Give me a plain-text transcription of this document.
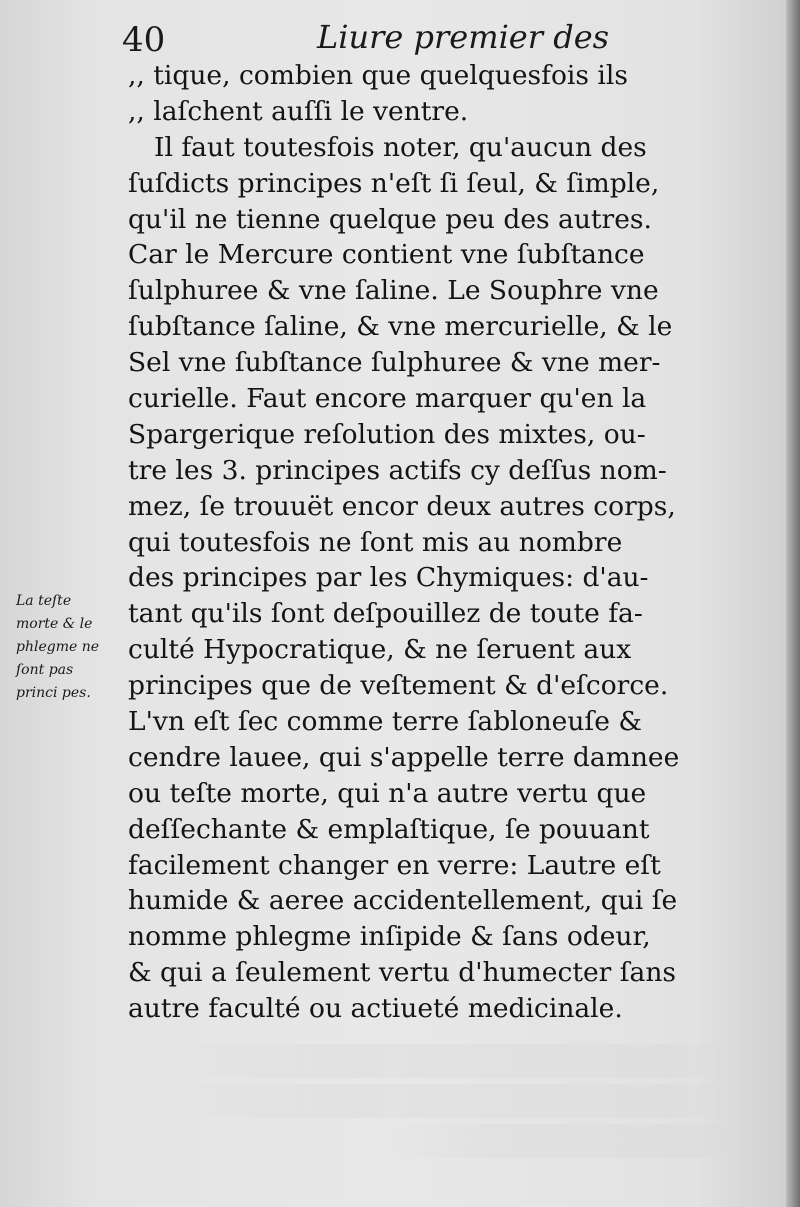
40	Liure premier des
,, tique, combien que quelquesfois ils
,, laſchent auſſi le ventre.
Il faut toutesfois noter, qu'aucun des
ſuſdicts principes n'eſt ſi ſeul, & ſimple,
qu'il ne tienne quelque peu des autres.
Car le Mercure contient vne ſubſtance
ſulphuree & vne ſaline. Le Souphre vne
ſubſtance ſaline, & vne mercurielle, & le
Sel vne ſubſtance ſulphuree & vne mer-
curielle. Faut encore marquer qu'en la
Spargerique reſolution des mixtes, ou-
tre les 3. principes actifs cy deſſus nom-
mez, ſe trouuët encor deux autres corps,
qui toutesfois ne ſont mis au nombre
des principes par les Chymiques: d'au-
tant qu'ils ſont deſpouillez de toute fa-
culté Hypocratique, & ne ſeruent aux
principes que de veſtement & d'eſcorce.
L'vn eſt ſec comme terre ſabloneuſe &
cendre lauee, qui s'appelle terre damnee
ou teſte morte, qui n'a autre vertu que
deſſechante & emplaſtique, ſe pouuant
facilement changer en verre: Lautre eſt
humide & aeree accidentellement, qui ſe
nomme phlegme inſipide & ſans odeur,
& qui a ſeulement vertu d'humecter ſans
autre faculté ou actiueté medicinale.
La teſte
morte & le
phlegme ne
ſont pas
princi pes.
